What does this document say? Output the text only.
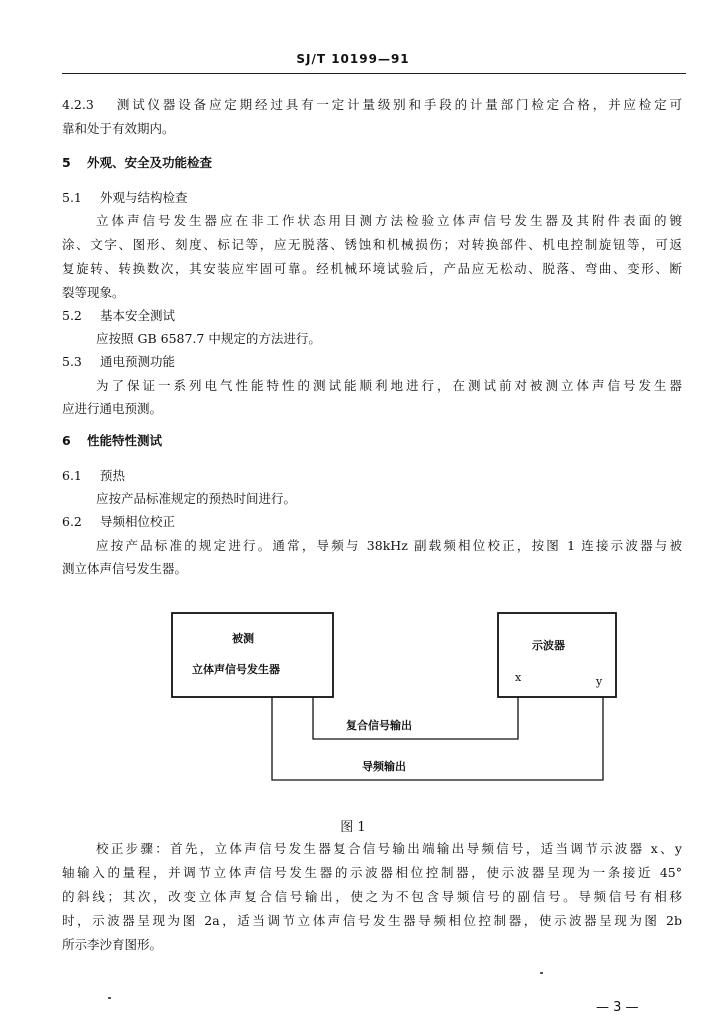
SJ/T 10199—91
4.2.3 测试仪器设备应定期经过具有一定计量级别和手段的计量部门检定合格，并应检定可
靠和处于有效期内。
5 外观、安全及功能检查
5.1 外观与结构检查
立体声信号发生器应在非工作状态用目测方法检验立体声信号发生器及其附件表面的镀
涂、文字、图形、刻度、标记等，应无脱落、锈蚀和机械损伤；对转换部件、机电控制旋钮等，可返
复旋转、转换数次，其安装应牢固可靠。经机械环境试验后，产品应无松动、脱落、弯曲、变形、断
裂等现象。
5.2 基本安全测试
应按照 GB 6587.7 中规定的方法进行。
5.3 通电预测功能
为了保证一系列电气性能特性的测试能顺利地进行，在测试前对被测立体声信号发生器
应进行通电预测。
6 性能特性测试
6.1 预热
应按产品标准规定的预热时间进行。
6.2 导频相位校正
应按产品标准的规定进行。通常，导频与 38kHz 副载频相位校正，按图 1 连接示波器与被
测立体声信号发生器。
被测
立体声信号发生器
示波器
x	y
复合信号输出
导频输出
图 1
校正步骤：首先，立体声信号发生器复合信号输出端输出导频信号，适当调节示波器 x、y
轴输入的量程，并调节立体声信号发生器的示波器相位控制器，使示波器呈现为一条接近 45°
的斜线；其次，改变立体声复合信号输出，使之为不包含导频信号的副信号。导频信号有相移
时，示波器呈现为图 2a，适当调节立体声信号发生器导频相位控制器，使示波器呈现为图 2b
所示李沙育图形。
— 3 —
